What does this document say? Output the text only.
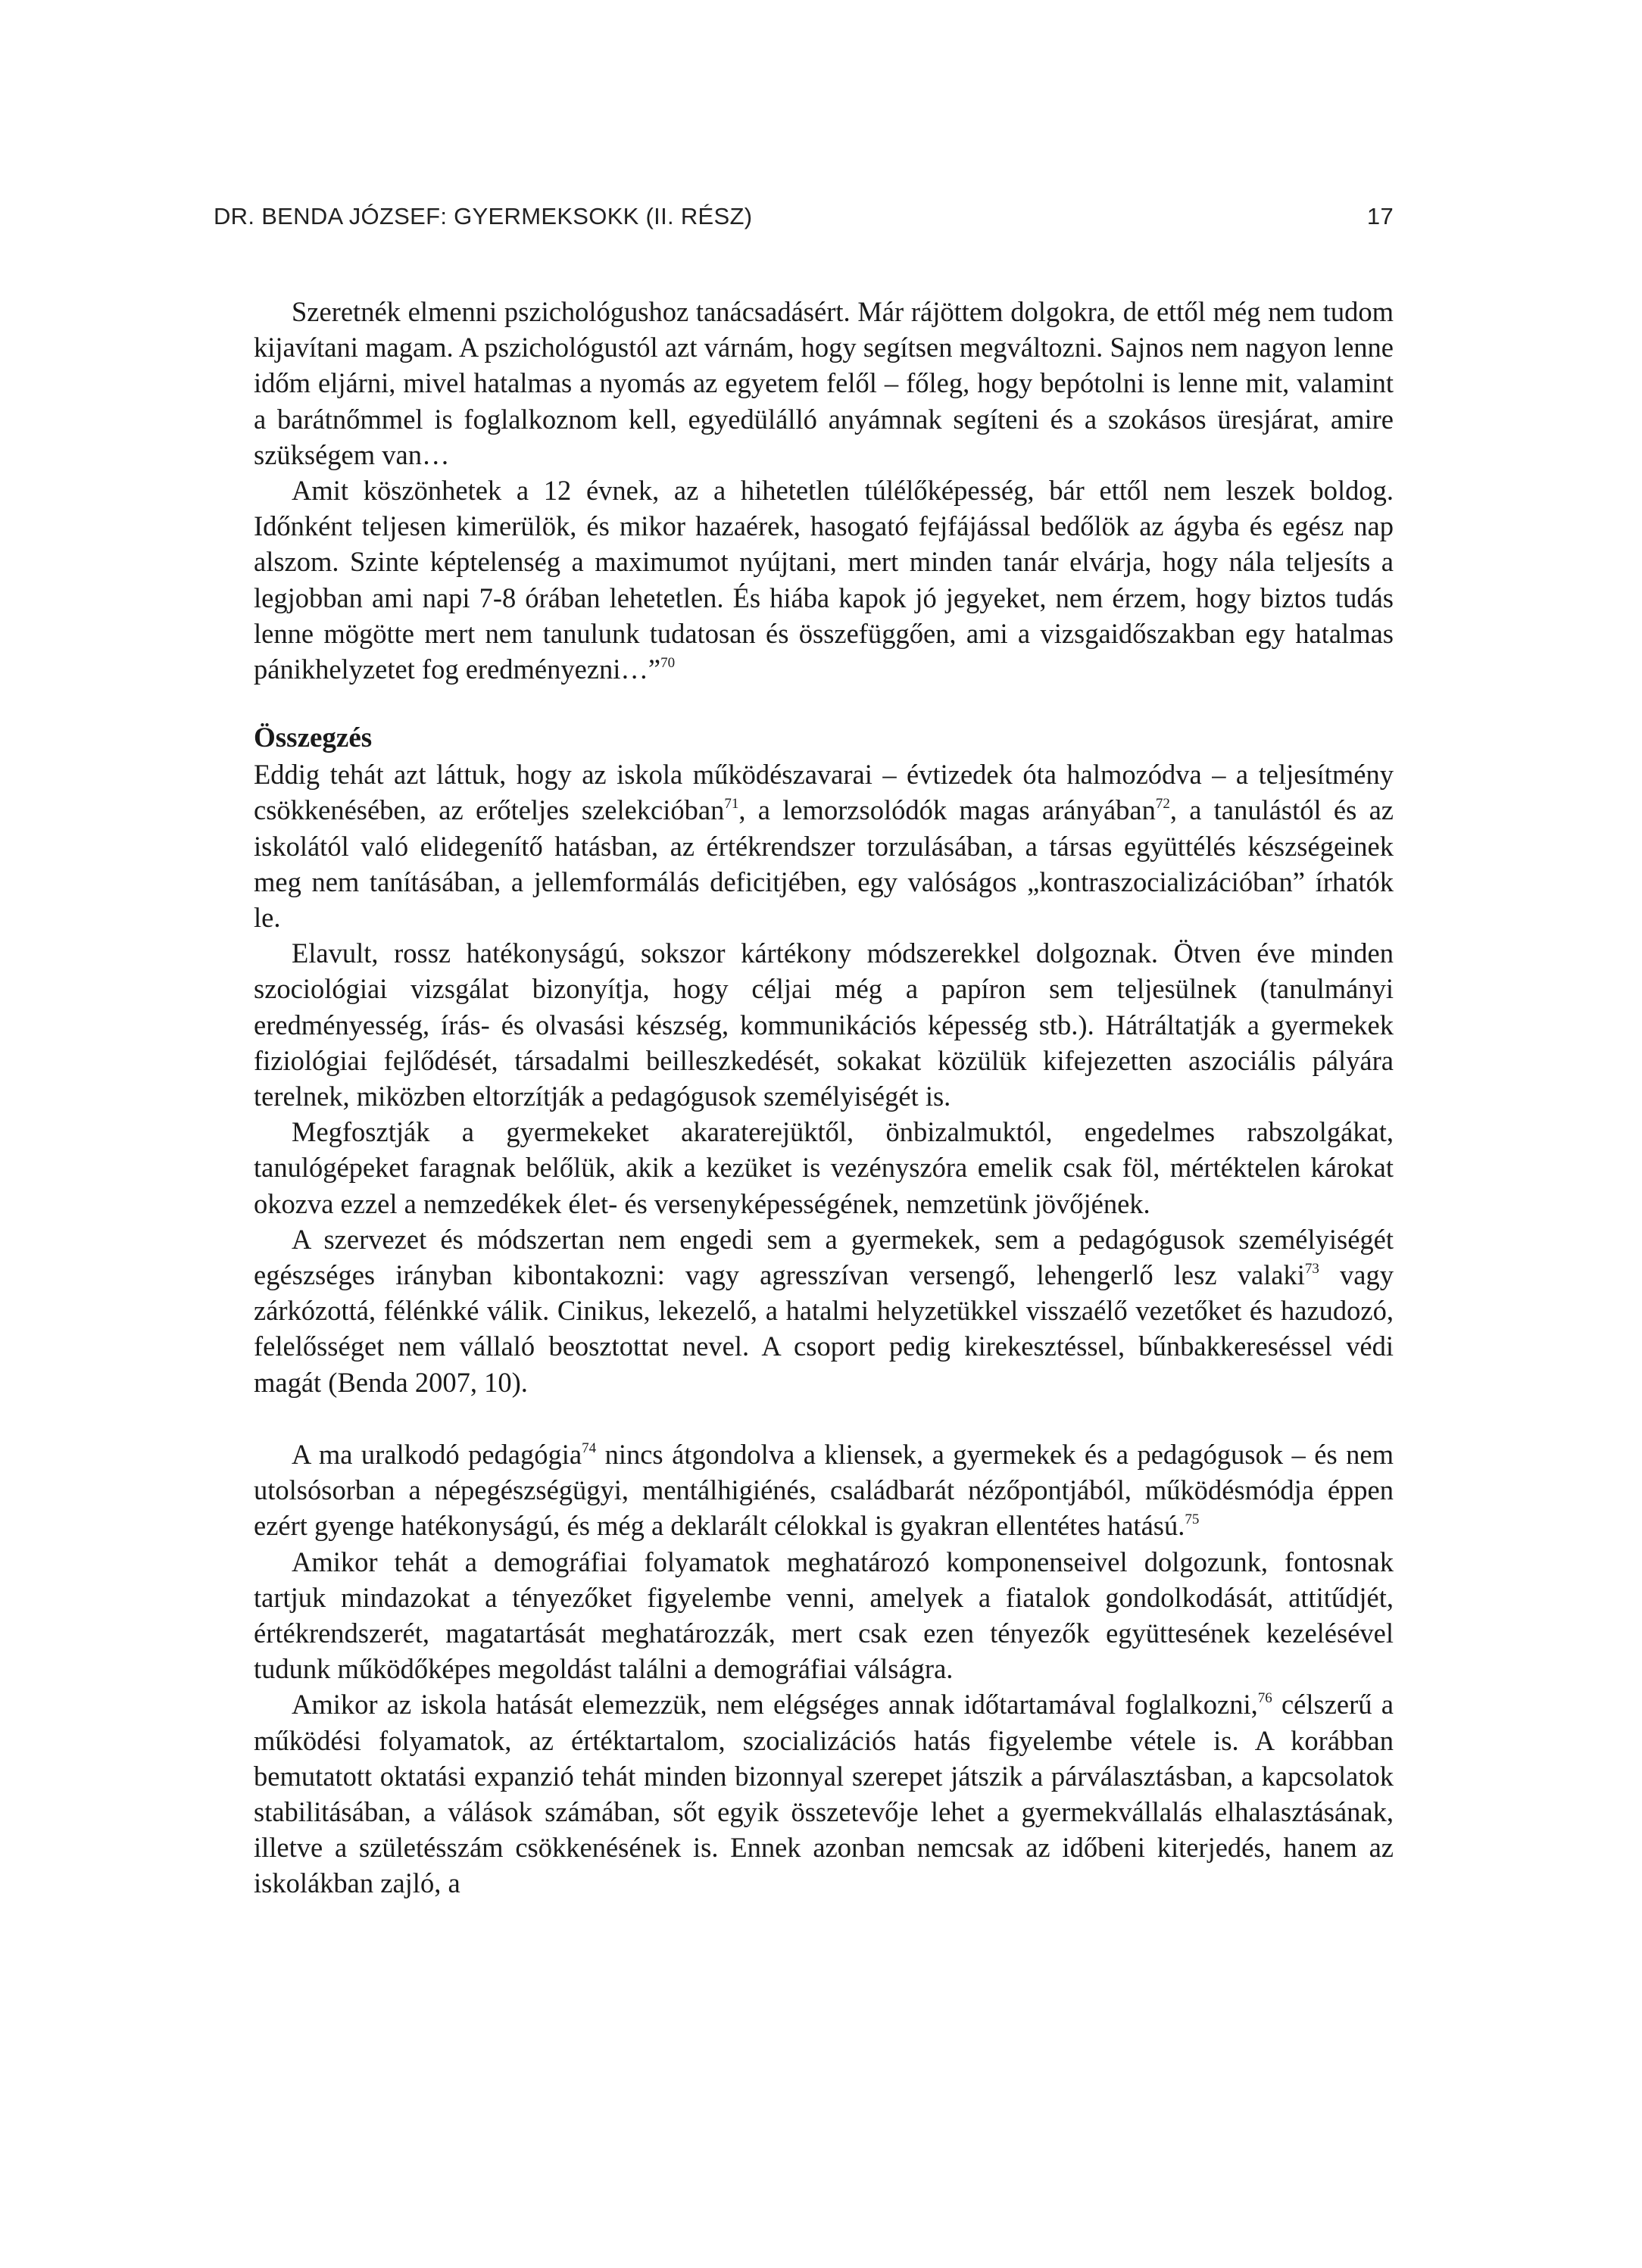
DR. BENDA JÓZSEF: GYERMEKSOKK (II. RÉSZ)	17

Szeretnék elmenni pszichológushoz tanácsadásért. Már rájöttem dolgokra, de ettől még nem tudom kijavítani magam. A pszichológustól azt várnám, hogy segítsen megváltozni. Sajnos nem nagyon lenne időm eljárni, mivel hatalmas a nyomás az egyetem felől – főleg, hogy bepótolni is lenne mit, valamint a barátnőmmel is foglalkoznom kell, egyedülálló anyámnak segíteni és a szokásos üresjárat, amire szükségem van…

Amit köszönhetek a 12 évnek, az a hihetetlen túlélőképesség, bár ettől nem leszek boldog. Időnként teljesen kimerülök, és mikor hazaérek, hasogató fejfájással bedőlök az ágyba és egész nap alszom. Szinte képtelenség a maximumot nyújtani, mert minden tanár elvárja, hogy nála teljesíts a legjobban ami napi 7-8 órában lehetetlen. És hiába kapok jó jegyeket, nem érzem, hogy biztos tudás lenne mögötte mert nem tanulunk tudatosan és összefüggően, ami a vizsgaidőszakban egy hatalmas pánikhelyzetet fog eredményezni…”$^{70}$

Összegzés

Eddig tehát azt láttuk, hogy az iskola működészavarai – évtizedek óta halmozódva – a teljesítmény csökkenésében, az erőteljes szelekcióban$^{71}$, a lemorzsolódók magas arányában$^{72}$, a tanulástól és az iskolától való elidegenítő hatásban, az értékrendszer torzulásában, a társas együttélés készségeinek meg nem tanításában, a jellemformálás deficitjében, egy valóságos „kontraszocializációban” írhatók le.

Elavult, rossz hatékonyságú, sokszor kártékony módszerekkel dolgoznak. Ötven éve minden szociológiai vizsgálat bizonyítja, hogy céljai még a papíron sem teljesülnek (tanulmányi eredményesség, írás- és olvasási készség, kommunikációs képesség stb.). Hátráltatják a gyermekek fiziológiai fejlődését, társadalmi beilleszkedését, sokakat közülük kifejezetten aszociális pályára terelnek, miközben eltorzítják a pedagógusok személyiségét is.

Megfosztják a gyermekeket akaraterejüktől, önbizalmuktól, engedelmes rabszolgákat, tanulógépeket faragnak belőlük, akik a kezüket is vezényszóra emelik csak föl, mértéktelen károkat okozva ezzel a nemzedékek élet- és versenyképességének, nemzetünk jövőjének.

A szervezet és módszertan nem engedi sem a gyermekek, sem a pedagógusok személyiségét egészséges irányban kibontakozni: vagy agresszívan versengő, lehengerlő lesz valaki$^{73}$ vagy zárkózottá, félénkké válik. Cinikus, lekezelő, a hatalmi helyzetükkel visszaélő vezetőket és hazudozó, felelősséget nem vállaló beosztottat nevel. A csoport pedig kirekesztéssel, bűnbakkereséssel védi magát (Benda 2007, 10).

A ma uralkodó pedagógia$^{74}$ nincs átgondolva a kliensek, a gyermekek és a pedagógusok – és nem utolsósorban a népegészségügyi, mentálhigiénés, családbarát nézőpontjából, működésmódja éppen ezért gyenge hatékonyságú, és még a deklarált célokkal is gyakran ellentétes hatású.$^{75}$

Amikor tehát a demográfiai folyamatok meghatározó komponenseivel dolgozunk, fontosnak tartjuk mindazokat a tényezőket figyelembe venni, amelyek a fiatalok gondolkodását, attitűdjét, értékrendszerét, magatartását meghatározzák, mert csak ezen tényezők együttesének kezelésével tudunk működőképes megoldást találni a demográfiai válságra.

Amikor az iskola hatását elemezzük, nem elégséges annak időtartamával foglalkozni,$^{76}$ célszerű a működési folyamatok, az értéktartalom, szocializációs hatás figyelembe vétele is. A korábban bemutatott oktatási expanzió tehát minden bizonnyal szerepet játszik a párválasztásban, a kapcsolatok stabilitásában, a válások számában, sőt egyik összetevője lehet a gyermekvállalás elhalasztásának, illetve a születésszám csökkenésének is. Ennek azonban nemcsak az időbeni kiterjedés, hanem az iskolákban zajló, a
